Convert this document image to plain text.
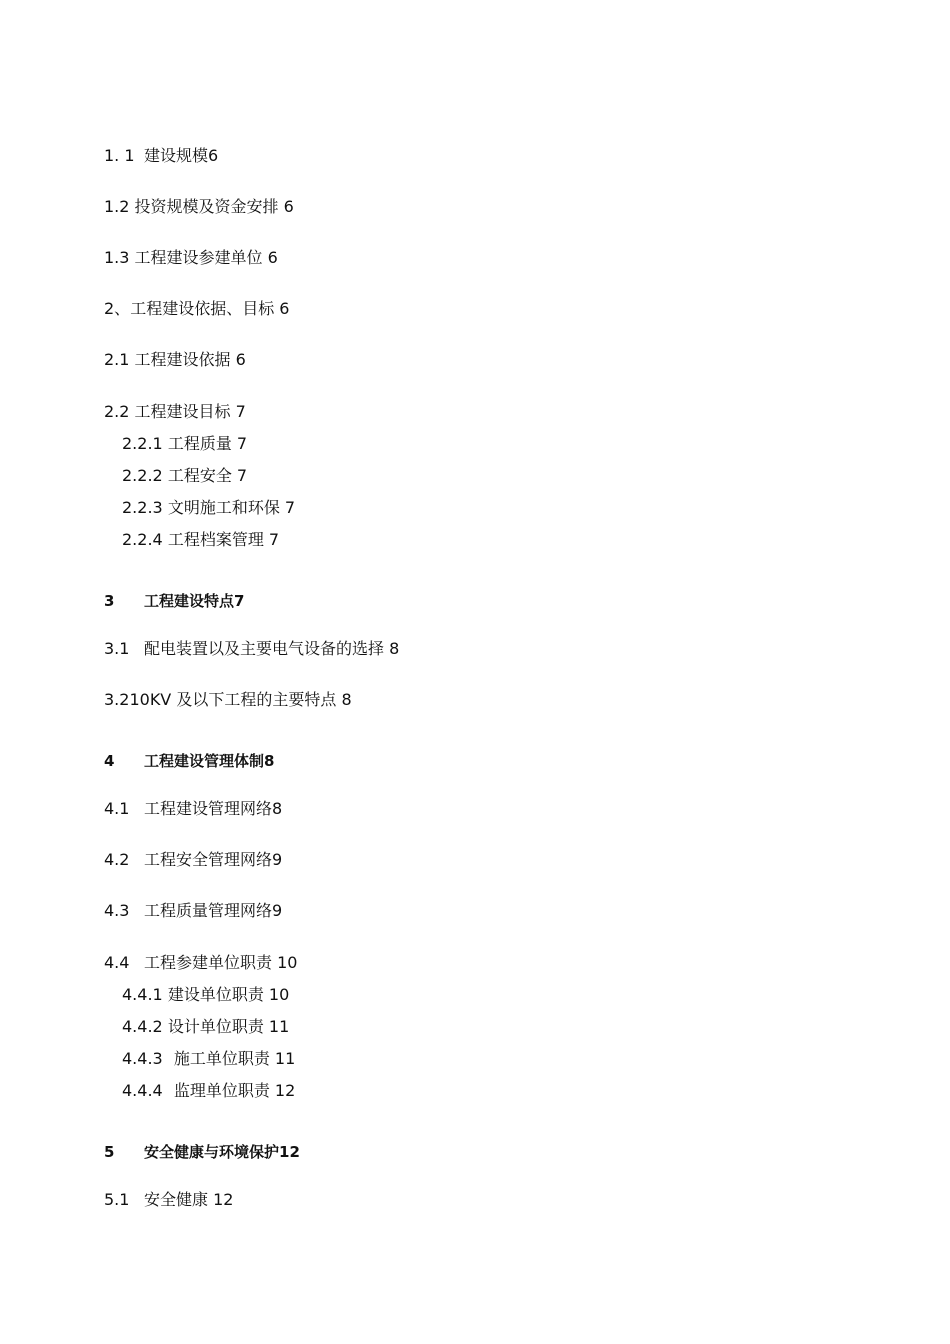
1. 1 建设规模6
1.2 投资规模及资金安排 6
1.3 工程建设参建单位 6
2、工程建设依据、目标 6
2.1 工程建设依据 6
2.2 工程建设目标 7
2.2.1 工程质量 7
2.2.2 工程安全 7
2.2.3 文明施工和环保 7
2.2.4 工程档案管理 7
3 工程建设特点7
3.1 配电装置以及主要电气设备的选择 8
3.210KV 及以下工程的主要特点 8
4 工程建设管理体制8
4.1 工程建设管理网络8
4.2 工程安全管理网络9
4.3 工程质量管理网络9
4.4 工程参建单位职责 10
4.4.1 建设单位职责 10
4.4.2 设计单位职责 11
4.4.3 施工单位职责 11
4.4.4 监理单位职责 12
5 安全健康与环境保护12
5.1 安全健康 12
